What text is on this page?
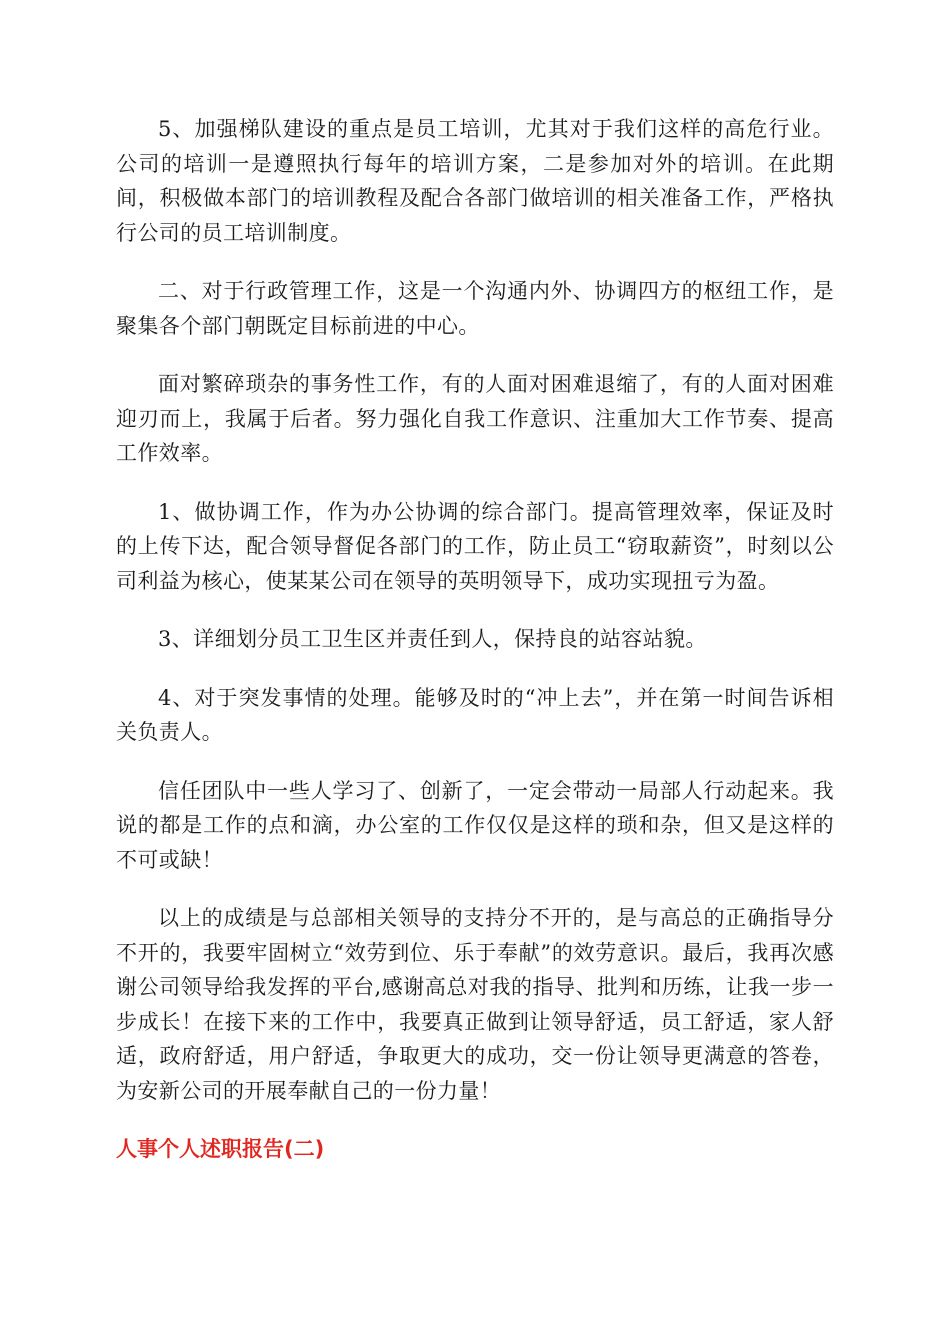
5、加强梯队建设的重点是员工培训，尤其对于我们这样的高危行业。公司的培训一是遵照执行每年的培训方案，二是参加对外的培训。在此期间，积极做本部门的培训教程及配合各部门做培训的相关准备工作，严格执行公司的员工培训制度。

二、对于行政管理工作，这是一个沟通内外、协调四方的枢纽工作，是聚集各个部门朝既定目标前进的中心。

面对繁碎琐杂的事务性工作，有的人面对困难退缩了，有的人面对困难迎刃而上，我属于后者。努力强化自我工作意识、注重加大工作节奏、提高工作效率。

1、做协调工作，作为办公协调的综合部门。提高管理效率，保证及时的上传下达，配合领导督促各部门的工作，防止员工“窃取薪资”，时刻以公司利益为核心，使某某公司在领导的英明领导下，成功实现扭亏为盈。

3、详细划分员工卫生区并责任到人，保持良的站容站貌。

4、对于突发事情的处理。能够及时的“冲上去”，并在第一时间告诉相关负责人。

信任团队中一些人学习了、创新了，一定会带动一局部人行动起来。我说的都是工作的点和滴，办公室的工作仅仅是这样的琐和杂，但又是这样的不可或缺！

以上的成绩是与总部相关领导的支持分不开的，是与高总的正确指导分不开的，我要牢固树立“效劳到位、乐于奉献”的效劳意识。最后，我再次感谢公司领导给我发挥的平台,感谢高总对我的指导、批判和历练，让我一步一步成长！在接下来的工作中，我要真正做到让领导舒适，员工舒适，家人舒适，政府舒适，用户舒适，争取更大的成功，交一份让领导更满意的答卷，为安新公司的开展奉献自己的一份力量！

人事个人述职报告(二)
